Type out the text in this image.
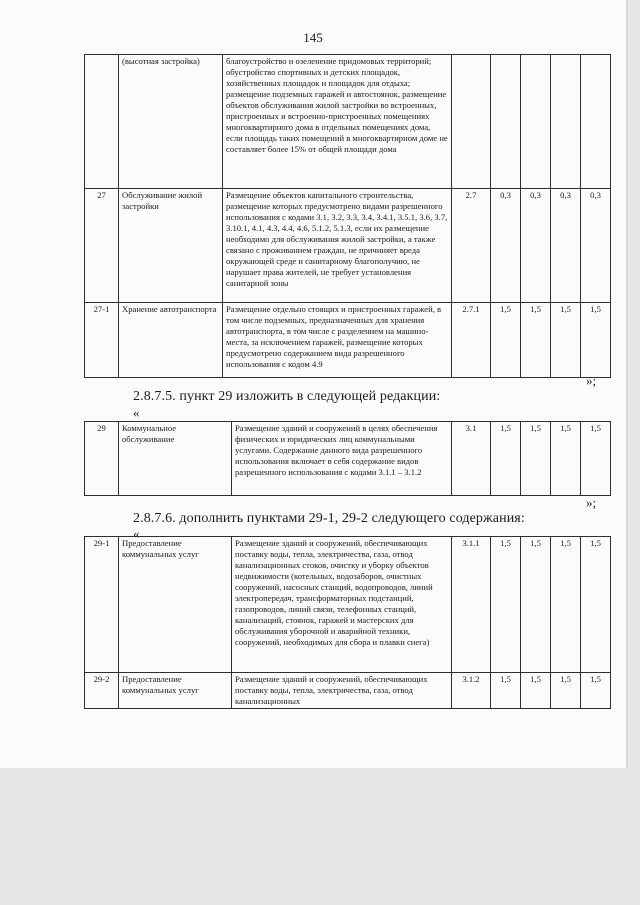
145
	(высотная застройка)	благоустройство и озеленение придомовых территорий;
обустройство спортивных и детских площадок, хозяйственных площадок и площадок для отдыха;
размещение подземных гаражей и автостоянок, размещение объектов обслуживания жилой застройки во встроенных, пристроенных и встроенно-пристроенных помещениях многоквартирного дома в отдельных помещениях дома, если площадь таких помещений в многоквартирном доме не составляет более 15% от общей площади дома					
27	Обслуживание жилой застройки	Размещение объектов капитального строительства, размещение которых предусмотрено видами разрешенного использования с кодами 3.1, 3.2, 3.3, 3.4, 3.4.1, 3.5.1, 3.6, 3.7, 3.10.1, 4.1, 4.3, 4.4, 4.6, 5.1.2, 5.1.3, если их размещение необходимо для обслуживания жилой застройки, а также связано с проживанием граждан, не причиняет вреда окружающей среде и санитарному благополучию, не нарушает права жителей, не требует установления санитарной зоны	2.7	0,3	0,3	0,3	0,3
27-1	Хранение автотранспорта	Размещение отдельно стоящих и пристроенных гаражей, в том числе подземных, предназначенных для хранения автотранспорта, в том числе с разделением на машино-места, за исключением гаражей, размещение которых предусмотрено содержанием вида разрешенного использования с кодом 4.9	2.7.1	1,5	1,5	1,5	1,5
»;
2.8.7.5. пункт 29 изложить в следующей редакции:
«
29	Коммунальное обслуживание	Размещение зданий и сооружений в целях обеспечения физических и юридических лиц коммунальными услугами. Содержание данного вида разрешенного использования включает в себя содержание видов разрешенного использования с кодами 3.1.1 – 3.1.2	3.1	1,5	1,5	1,5	1,5
»;
2.8.7.6. дополнить пунктами 29-1, 29-2 следующего содержания:
«
29-1	Предоставление коммунальных услуг	Размещение зданий и сооружений, обеспечивающих поставку воды, тепла, электричества, газа, отвод канализационных стоков, очистку и уборку объектов недвижимости (котельных, водозаборов, очистных сооружений, насосных станций, водопроводов, линий электропередач, трансформаторных подстанций, газопроводов, линий связи, телефонных станций, канализаций, стоянок, гаражей и мастерских для обслуживания уборочной и аварийной техники, сооружений, необходимых для сбора и плавки снега)	3.1.1	1,5	1,5	1,5	1,5
29-2	Предоставление коммунальных услуг	Размещение зданий и сооружений, обеспечивающих поставку воды, тепла, электричества, газа, отвод канализационных	3.1.2	1,5	1,5	1,5	1,5
